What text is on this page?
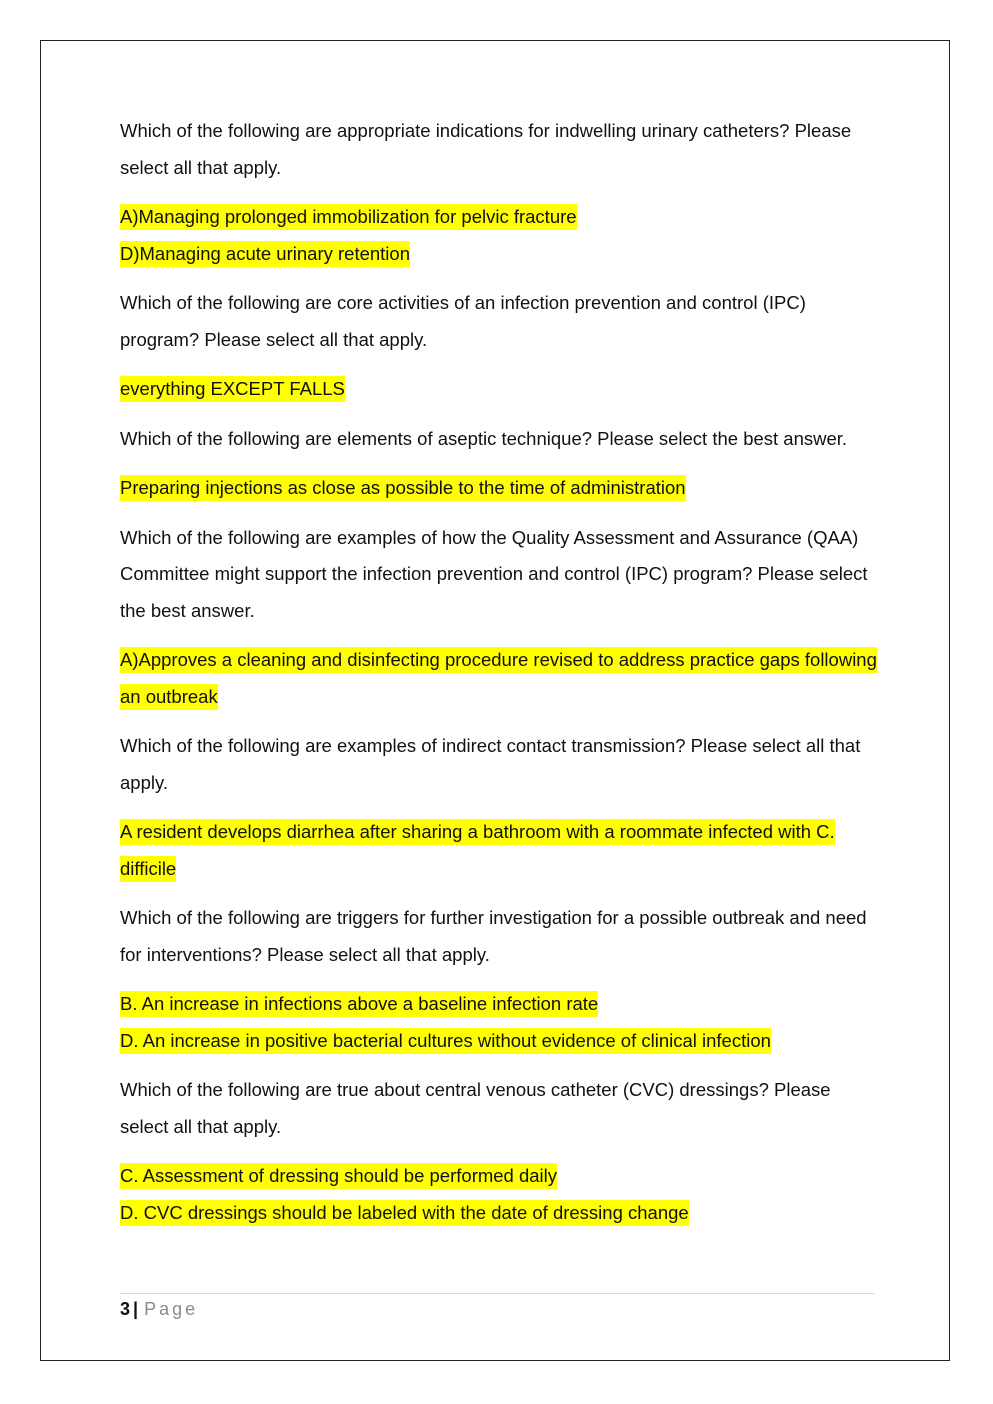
Which of the following are appropriate indications for indwelling urinary catheters? Please select all that apply.

A)Managing prolonged immobilization for pelvic fracture

D)Managing acute urinary retention

Which of the following are core activities of an infection prevention and control (IPC) program? Please select all that apply.

everything EXCEPT FALLS

Which of the following are elements of aseptic technique? Please select the best answer.

Preparing injections as close as possible to the time of administration

Which of the following are examples of how the Quality Assessment and Assurance (QAA) Committee might support the infection prevention and control (IPC) program? Please select the best answer.

A)Approves a cleaning and disinfecting procedure revised to address practice gaps following an outbreak

Which of the following are examples of indirect contact transmission? Please select all that apply.

A resident develops diarrhea after sharing a bathroom with a roommate infected with C. difficile

Which of the following are triggers for further investigation for a possible outbreak and need for interventions? Please select all that apply.

B. An increase in infections above a baseline infection rate

D. An increase in positive bacterial cultures without evidence of clinical infection

Which of the following are true about central venous catheter (CVC) dressings? Please select all that apply.

C. Assessment of dressing should be performed daily

D. CVC dressings should be labeled with the date of dressing change

3 | Page
